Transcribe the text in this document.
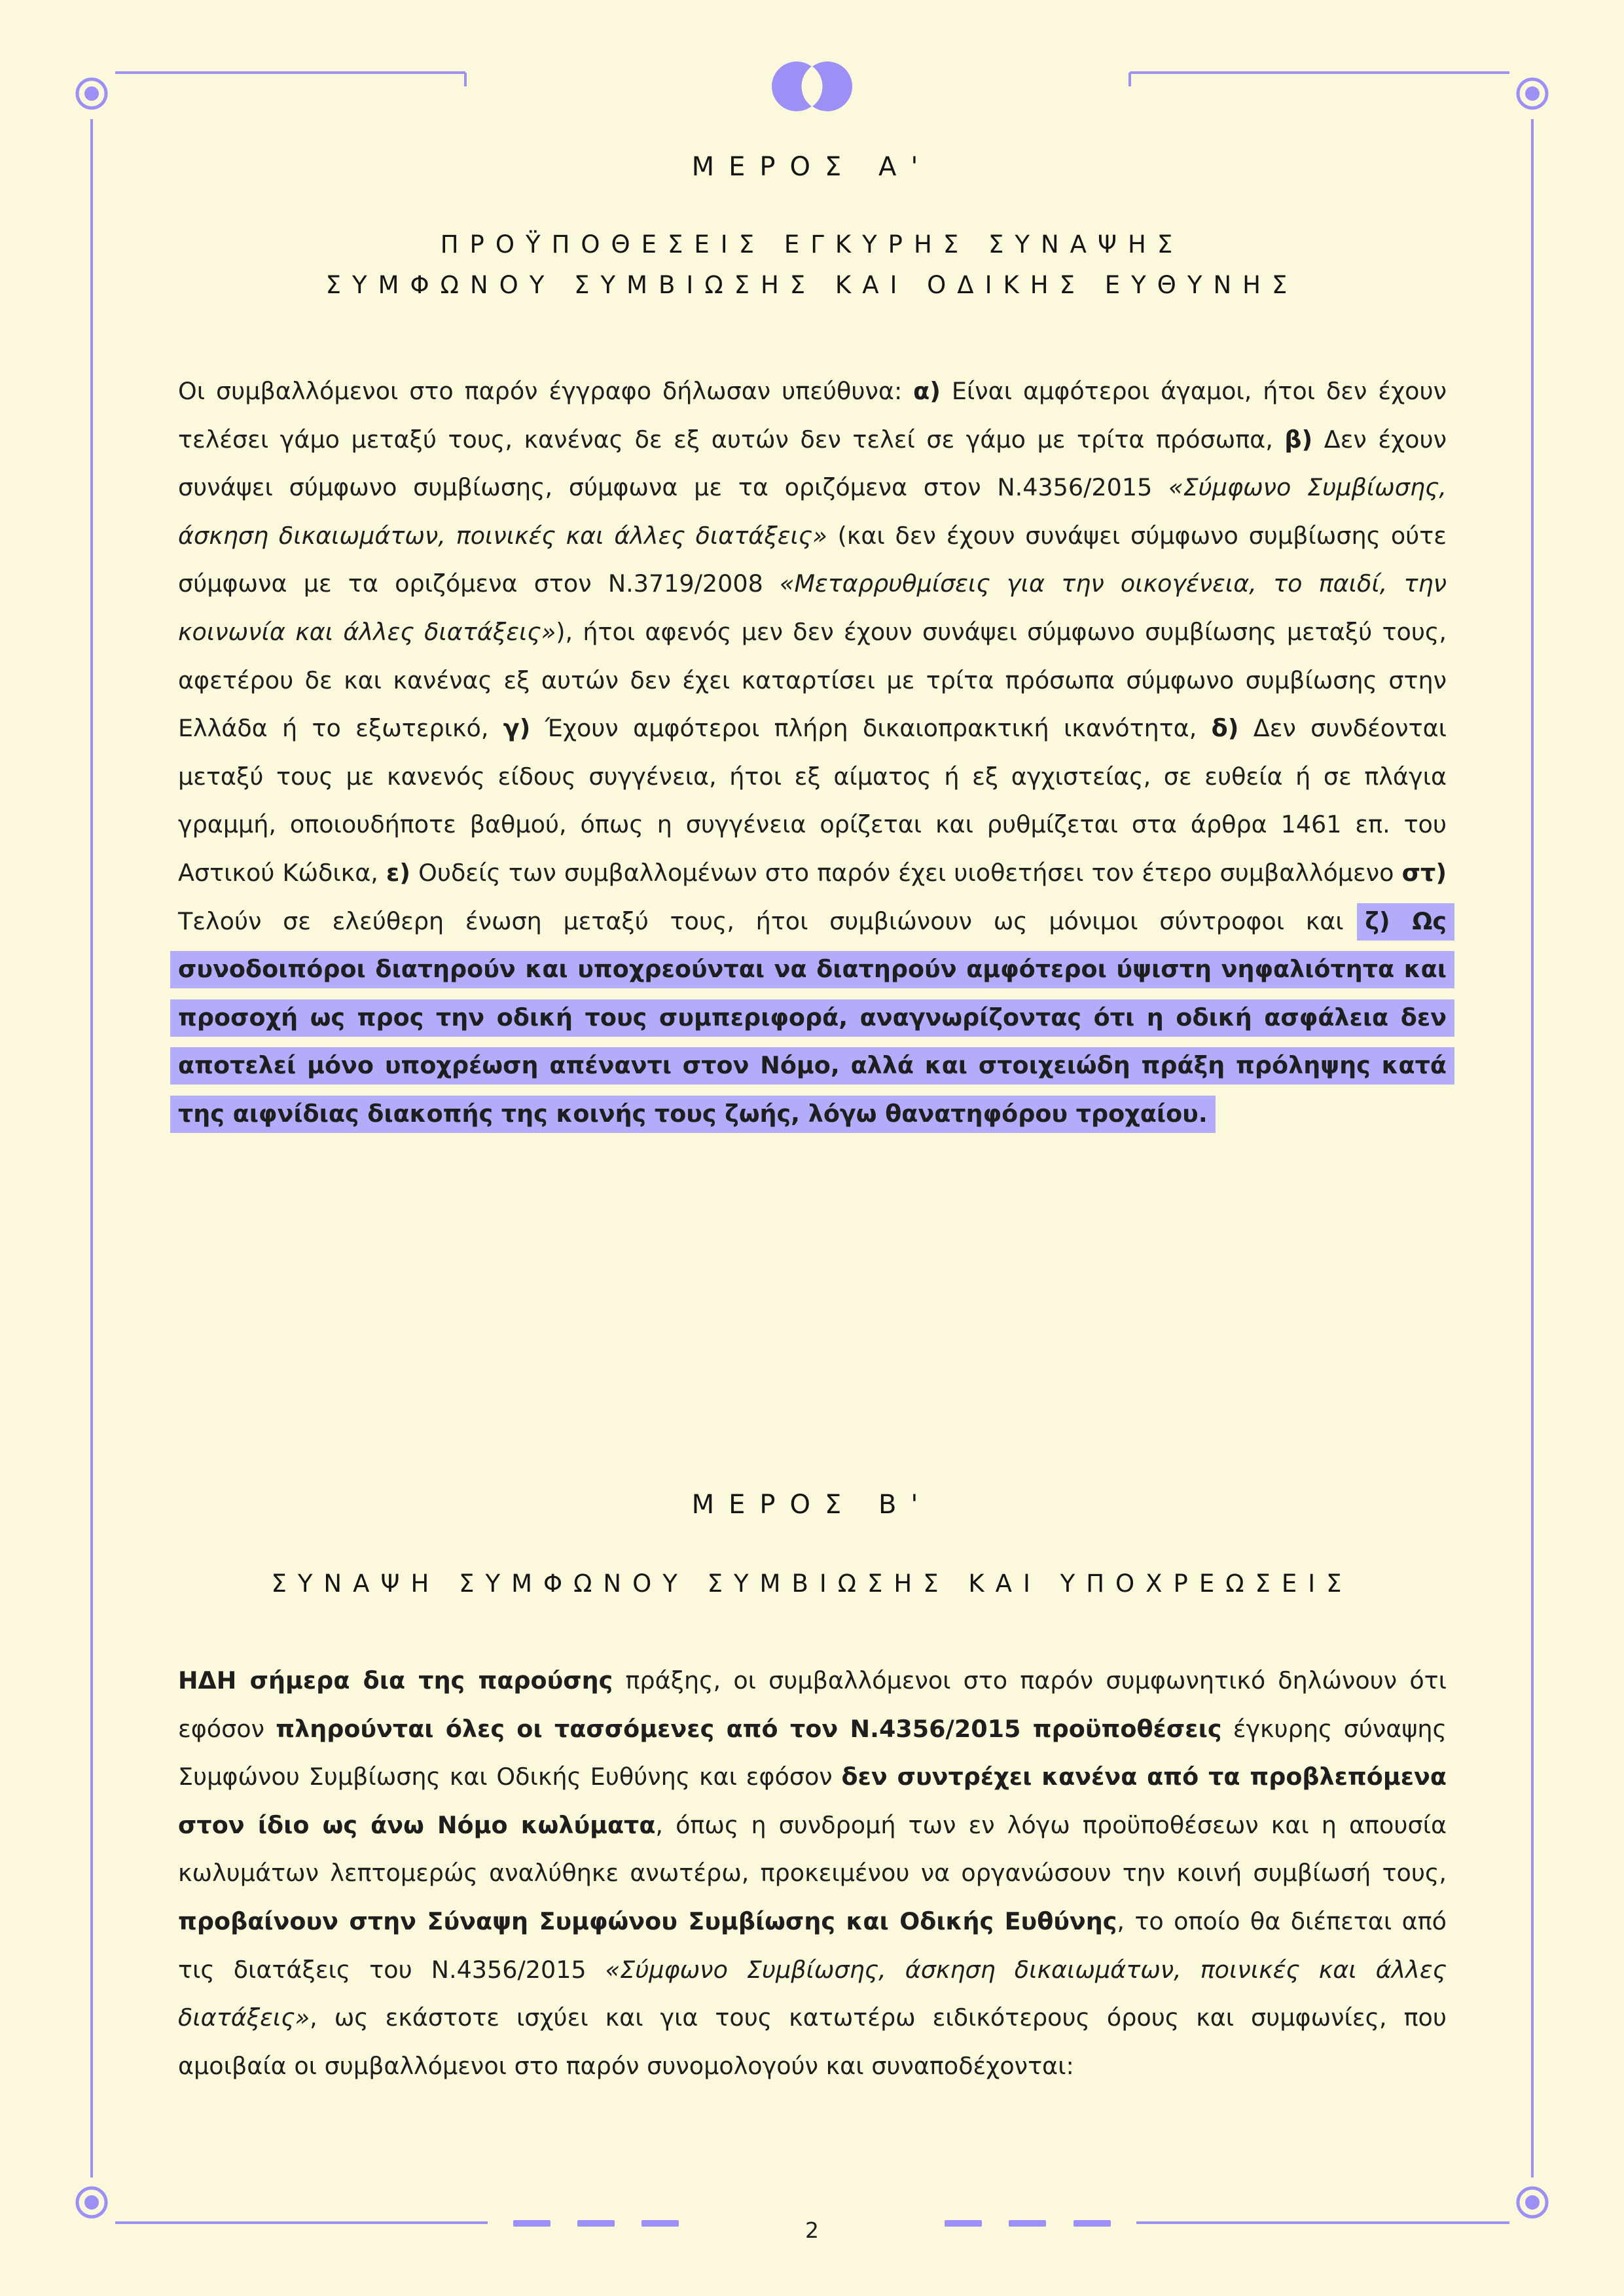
ΜΕΡΟΣ Α'
ΠΡΟΫΠΟΘΕΣΕΙΣ ΕΓΚΥΡΗΣ ΣΥΝΑΨΗΣ
ΣΥΜΦΩΝΟΥ ΣΥΜΒΙΩΣΗΣ ΚΑΙ ΟΔΙΚΗΣ ΕΥΘΥΝΗΣ
Οι συμβαλλόμενοι στο παρόν έγγραφο δήλωσαν υπεύθυνα: α) Είναι αμφότεροι άγαμοι, ήτοι δεν έχουν τελέσει γάμο μεταξύ τους, κανένας δε εξ αυτών δεν τελεί σε γάμο με τρίτα πρόσωπα, β) Δεν έχουν συνάψει σύμφωνο συμβίωσης, σύμφωνα με τα οριζόμενα στον Ν.4356/2015 «Σύμφωνο Συμβίωσης, άσκηση δικαιωμάτων, ποινικές και άλλες διατάξεις» (και δεν έχουν συνάψει σύμφωνο συμβίωσης ούτε σύμφωνα με τα οριζόμενα στον Ν.3719/2008 «Μεταρρυθμίσεις για την οικογένεια, το παιδί, την κοινωνία και άλλες διατάξεις»), ήτοι αφενός μεν δεν έχουν συνάψει σύμφωνο συμβίωσης μεταξύ τους, αφετέρου δε και κανένας εξ αυτών δεν έχει καταρτίσει με τρίτα πρόσωπα σύμφωνο συμβίωσης στην Ελλάδα ή το εξωτερικό, γ) Έχουν αμφότεροι πλήρη δικαιοπρακτική ικανότητα, δ) Δεν συνδέονται μεταξύ τους με κανενός είδους συγγένεια, ήτοι εξ αίματος ή εξ αγχιστείας, σε ευθεία ή σε πλάγια γραμμή, οποιουδήποτε βαθμού, όπως η συγγένεια ορίζεται και ρυθμίζεται στα άρθρα 1461 επ. του Αστικού Κώδικα, ε) Ουδείς των συμβαλλομένων στο παρόν έχει υιοθετήσει τον έτερο συμβαλλόμενο στ) Τελούν σε ελεύθερη ένωση μεταξύ τους, ήτοι συμβιώνουν ως μόνιμοι σύντροφοι και ζ) Ως συνοδοιπόροι διατηρούν και υποχρεούνται να διατηρούν αμφότεροι ύψιστη νηφαλιότητα και προσοχή ως προς την οδική τους συμπεριφορά, αναγνωρίζοντας ότι η οδική ασφάλεια δεν αποτελεί μόνο υποχρέωση απέναντι στον Νόμο, αλλά και στοιχειώδη πράξη πρόληψης κατά της αιφνίδιας διακοπής της κοινής τους ζωής, λόγω θανατηφόρου τροχαίου.
ΜΕΡΟΣ Β'
ΣΥΝΑΨΗ ΣΥΜΦΩΝΟΥ ΣΥΜΒΙΩΣΗΣ ΚΑΙ ΥΠΟΧΡΕΩΣΕΙΣ
ΗΔΗ σήμερα δια της παρούσης πράξης, οι συμβαλλόμενοι στο παρόν συμφωνητικό δηλώνουν ότι εφόσον πληρούνται όλες οι τασσόμενες από τον Ν.4356/2015 προϋποθέσεις έγκυρης σύναψης Συμφώνου Συμβίωσης και Οδικής Ευθύνης και εφόσον δεν συντρέχει κανένα από τα προβλεπόμενα στον ίδιο ως άνω Νόμο κωλύματα, όπως η συνδρομή των εν λόγω προϋποθέσεων και η απουσία κωλυμάτων λεπτομερώς αναλύθηκε ανωτέρω, προκειμένου να οργανώσουν την κοινή συμβίωσή τους, προβαίνουν στην Σύναψη Συμφώνου Συμβίωσης και Οδικής Ευθύνης, το οποίο θα διέπεται από τις διατάξεις του Ν.4356/2015 «Σύμφωνο Συμβίωσης, άσκηση δικαιωμάτων, ποινικές και άλλες διατάξεις», ως εκάστοτε ισχύει και για τους κατωτέρω ειδικότερους όρους και συμφωνίες, που αμοιβαία οι συμβαλλόμενοι στο παρόν συνομολογούν και συναποδέχονται:
2
